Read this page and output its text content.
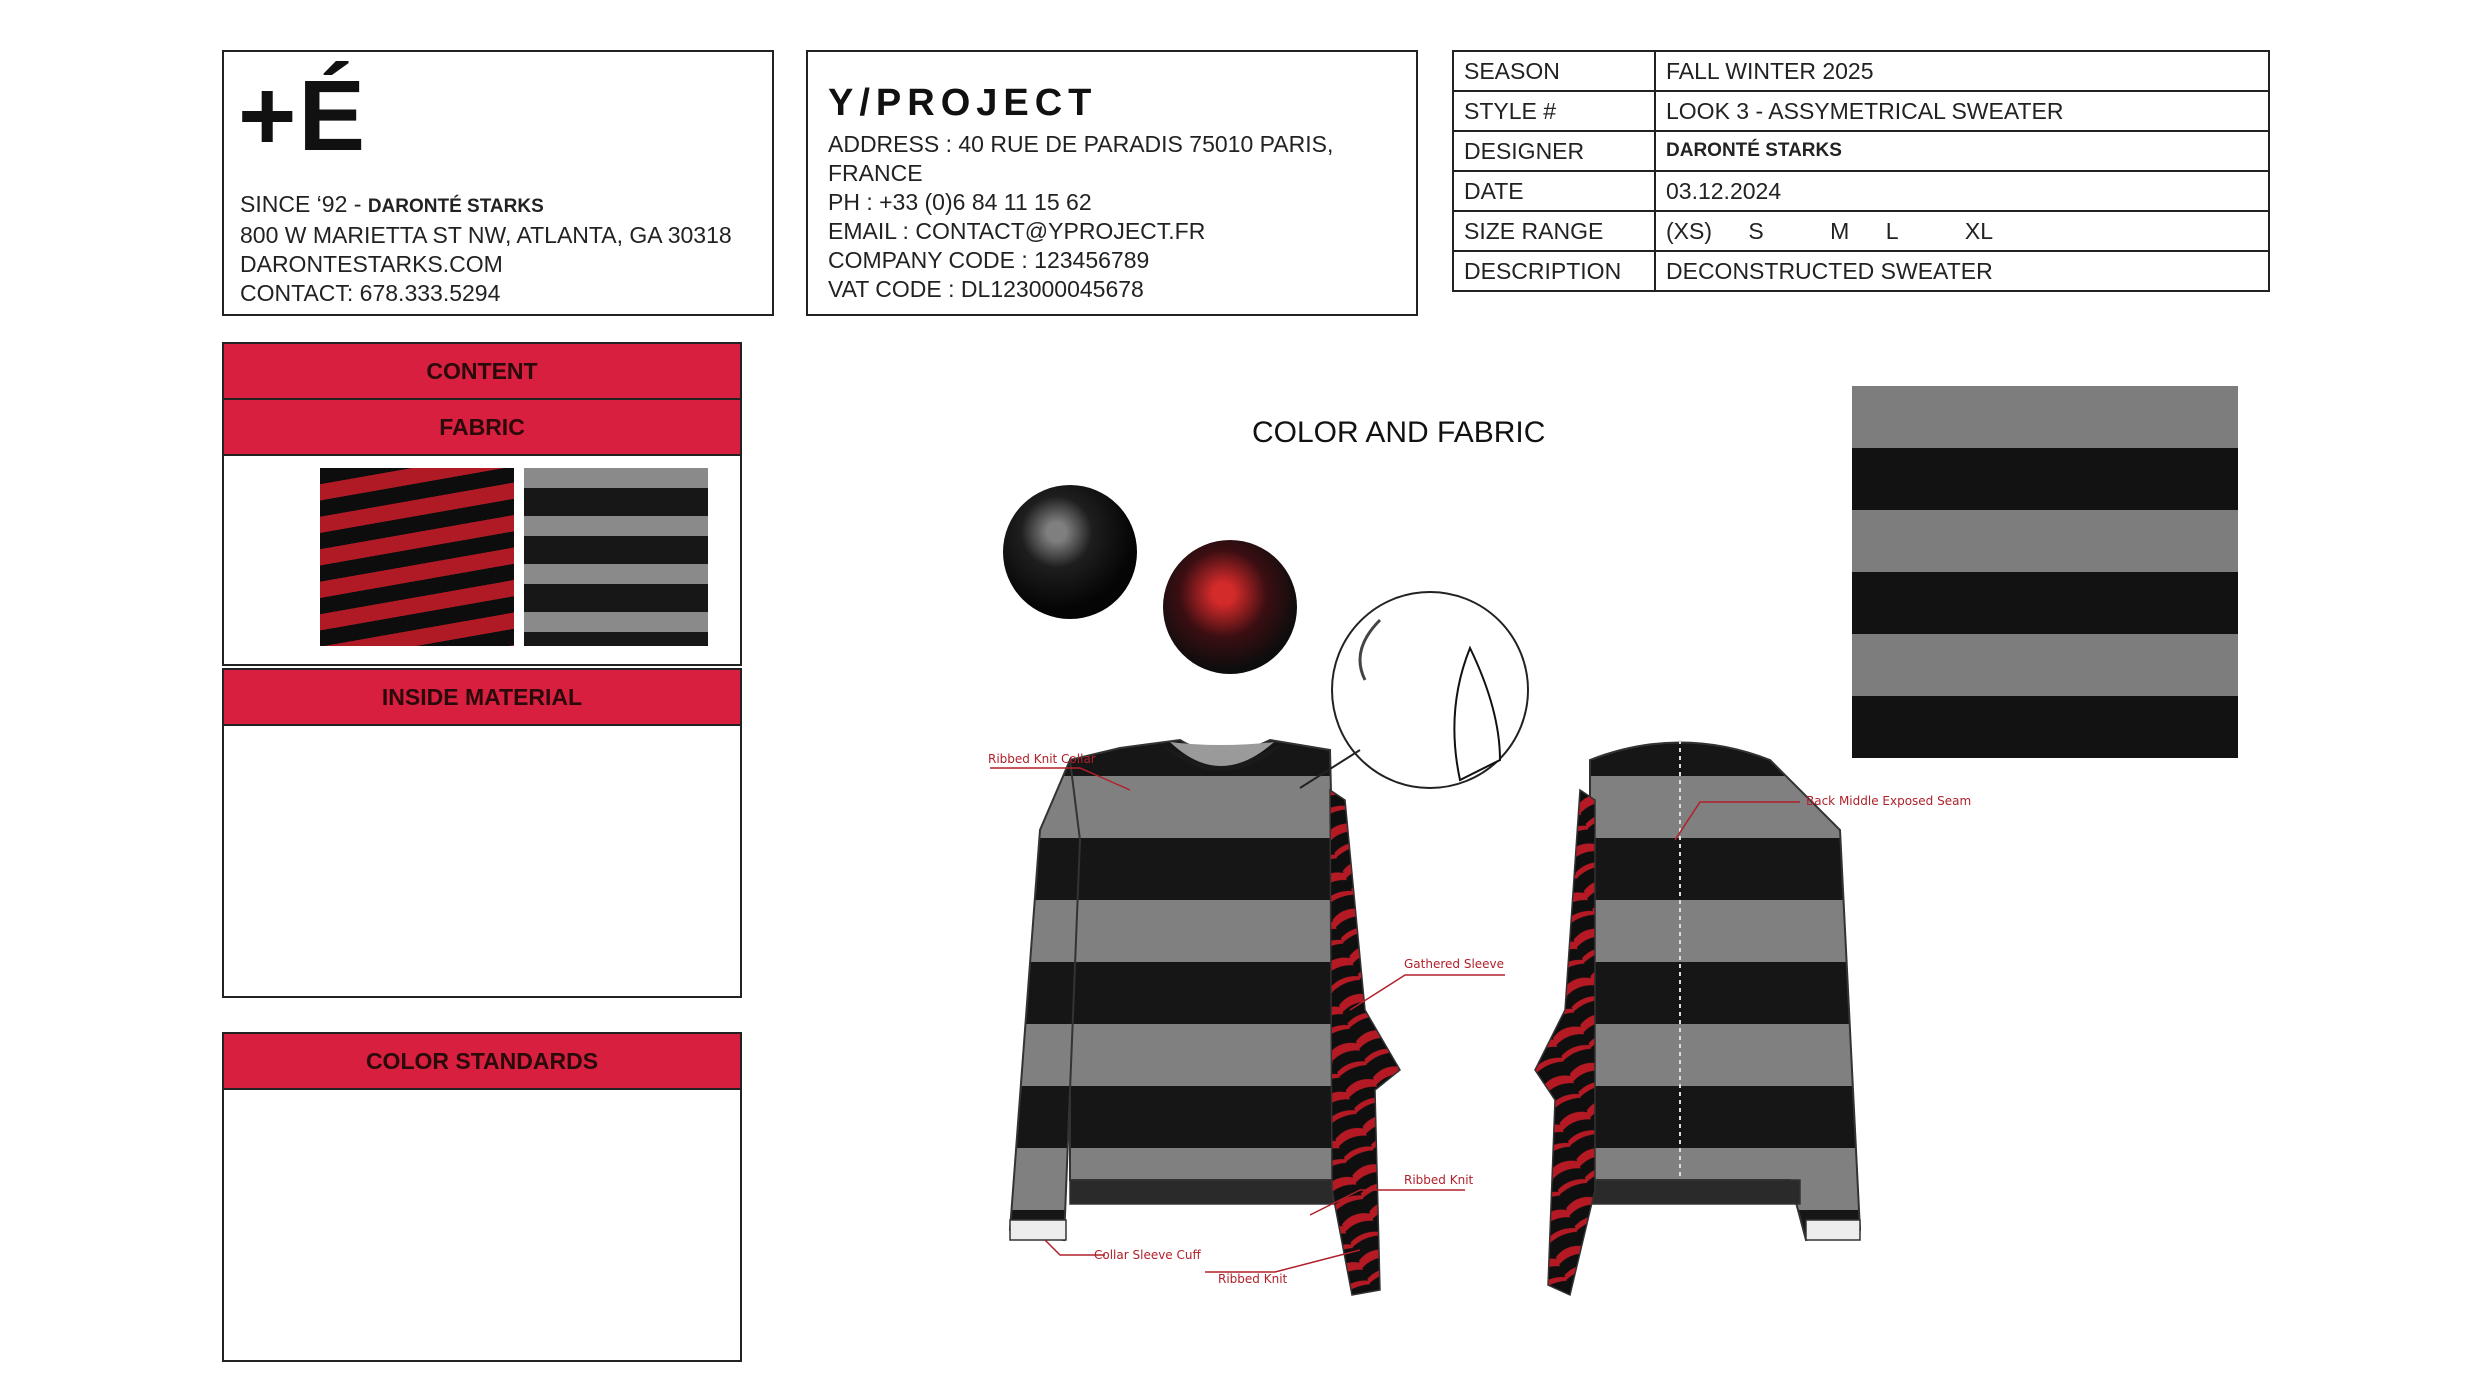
+É
SINCE ‘92 - DARONTÉ STARKS
800 W MARIETTA ST NW, ATLANTA, GA 30318
DARONTESTARKS.COM
CONTACT: 678.333.5294
Y/PROJECT
ADDRESS : 40 RUE DE PARADIS 75010 PARIS, FRANCE
PH : +33 (0)6 84 11 15 62
EMAIL : CONTACT@YPROJECT.FR
COMPANY CODE : 123456789
VAT CODE : DL123000045678
SEASON	FALL WINTER 2025
STYLE #	LOOK 3 - ASSYMETRICAL SWEATER
DESIGNER	DARONTÉ STARKS
DATE	03.12.2024
SIZE RANGE	(XS) S M L XL
DESCRIPTION	DECONSTRUCTED SWEATER
CONTENT
FABRIC
INSIDE MATERIAL
COLOR STANDARDS
COLOR AND FABRIC
Ribbed Knit Collar
Gathered Sleeve
Ribbed Knit
Collar Sleeve Cuff
Ribbed Knit
Back Middle Exposed Seam
